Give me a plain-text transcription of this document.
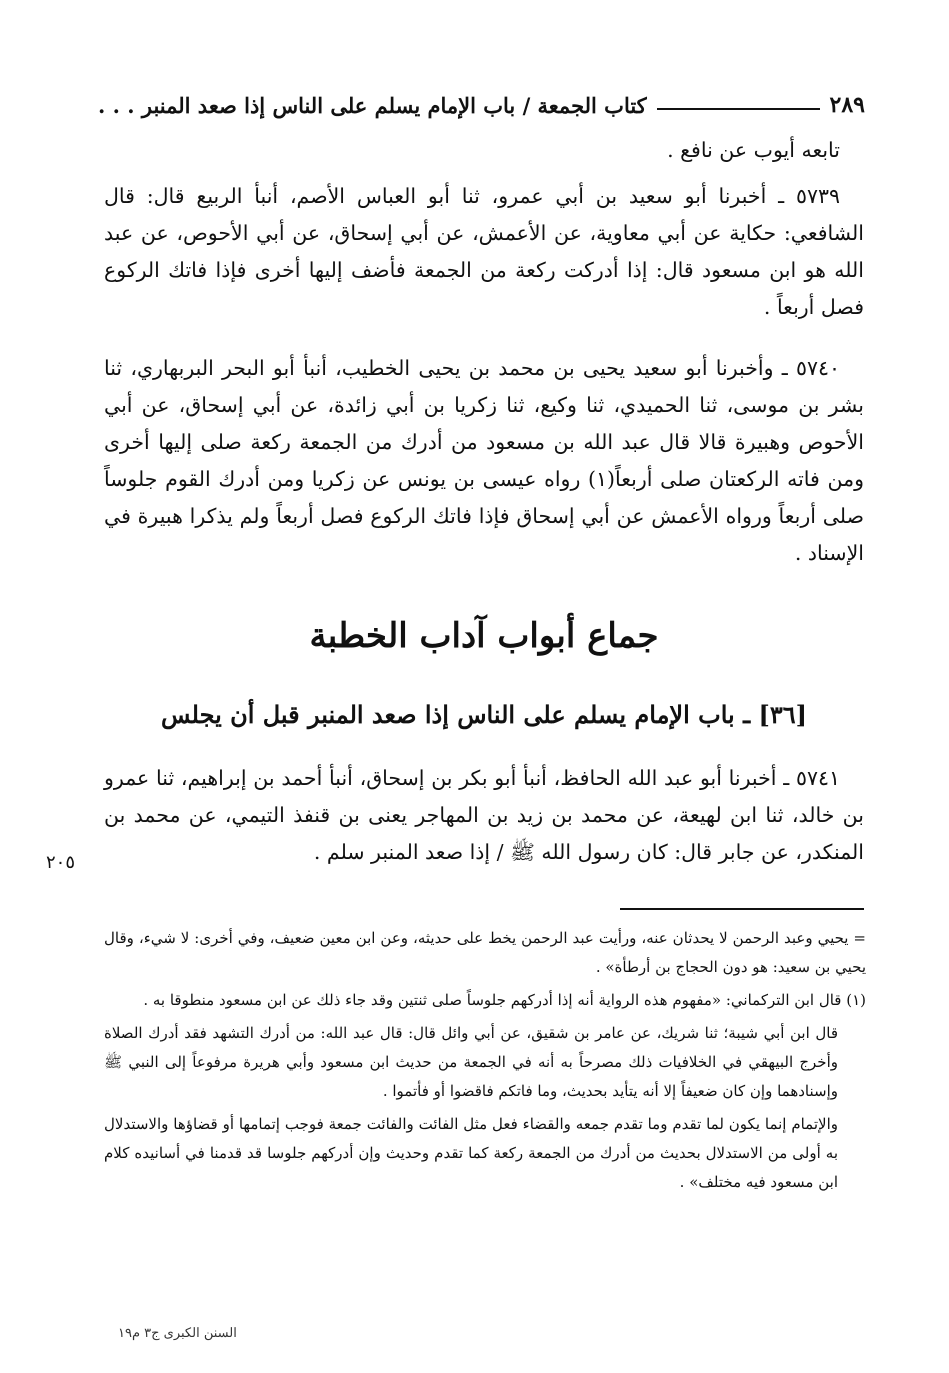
كتاب الجمعة / باب الإمام يسلم على الناس إذا صعد المنبر . . .	٢٨٩

تابعه أيوب عن نافع .

٥٧٣٩ ـ أخبرنا أبو سعيد بن أبي عمرو، ثنا أبو العباس الأصم، أنبأ الربيع قال: قال الشافعي: حكاية عن أبي معاوية، عن الأعمش، عن أبي إسحاق، عن أبي الأحوص، عن عبد الله هو ابن مسعود قال: إذا أدركت ركعة من الجمعة فأضف إليها أخرى فإذا فاتك الركوع فصل أربعاً .

٥٧٤٠ ـ وأخبرنا أبو سعيد يحيى بن محمد بن يحيى الخطيب، أنبأ أبو البحر البربهاري، ثنا بشر بن موسى، ثنا الحميدي، ثنا وكيع، ثنا زكريا بن أبي زائدة، عن أبي إسحاق، عن أبي الأحوص وهبيرة قالا قال عبد الله بن مسعود من أدرك من الجمعة ركعة صلى إليها أخرى ومن فاته الركعتان صلى أربعاً(١) رواه عيسى بن يونس عن زكريا ومن أدرك القوم جلوساً صلى أربعاً ورواه الأعمش عن أبي إسحاق فإذا فاتك الركوع فصل أربعاً ولم يذكرا هبيرة في الإسناد .

جماع أبواب آداب الخطبة
[٣٦] ـ باب الإمام يسلم على الناس إذا صعد المنبر قبل أن يجلس

٥٧٤١ ـ أخبرنا أبو عبد الله الحافظ، أنبأ أبو بكر بن إسحاق، أنبأ أحمد بن إبراهيم، ثنا عمرو بن خالد، ثنا ابن لهيعة، عن محمد بن زيد بن المهاجر يعنى بن قنفذ التيمي، عن محمد بن المنكدر، عن جابر قال: كان رسول الله ﷺ / إذا صعد المنبر سلم .

٢٠٥

= يحيي وعبد الرحمن لا يحدثان عنه، ورأيت عبد الرحمن يخط على حديثه، وعن ابن معين ضعيف، وفي أخرى: لا شيء، وقال يحيي بن سعيد: هو دون الحجاج بن أرطأة» .

(١) قال ابن التركماني: «مفهوم هذه الرواية أنه إذا أدركهم جلوساً صلى ثنتين وقد جاء ذلك عن ابن مسعود منطوقا به .

قال ابن أبي شيبة؛ ثنا شريك، عن عامر بن شقيق، عن أبي وائل قال: قال عبد الله: من أدرك التشهد فقد أدرك الصلاة وأخرج البيهقي في الخلافيات ذلك مصرحاً به أنه في الجمعة من حديث ابن مسعود وأبي هريرة مرفوعاً إلى النبي ﷺ وإسنادهما وإن كان ضعيفاً إلا أنه يتأيد بحديث، وما فاتكم فاقضوا أو فأتموا .

والإتمام إنما يكون لما تقدم وما تقدم جمعه والقضاء فعل مثل الفائت والفائت جمعة فوجب إتمامها أو قضاؤها والاستدلال به أولى من الاستدلال بحديث من أدرك من الجمعة ركعة كما تقدم وحديث وإن أدركهم جلوسا قد قدمنا في أسانيده كلام ابن مسعود فيه مختلف» .

السنن الكبرى ج٣ م١٩
